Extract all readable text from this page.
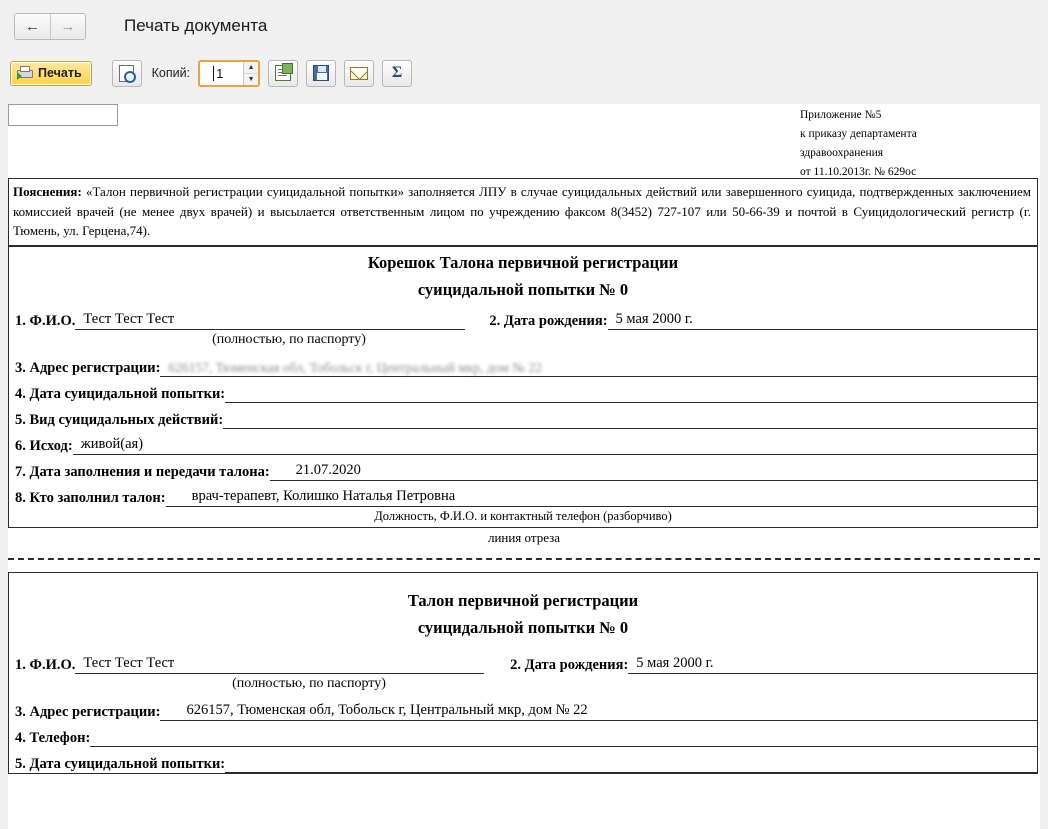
←	→	Печать документа
Печать	Копий:	1	▲
▼	Σ
Приложение №5
к приказу департамента
здравоохранения
от 11.10.2013г. № 629ос
Пояснения: «Талон первичной регистрации суицидальной попытки» заполняется ЛПУ в случае суицидальных действий или завершенного суицида, подтвержденных заключением комиссией врачей (не менее двух врачей) и высылается ответственным лицом по учреждению факсом 8(3452) 727-107 или 50-66-39 и почтой в Суицидологический регистр (г. Тюмень, ул. Герцена,74).
Корешок Талона первичной регистрации
суицидальной попытки № 0
1. Ф.И.О. Тест Тест Тест	2. Дата рождения: 5 мая 2000 г.
(полностью, по паспорту)
3. Адрес регистрации: 626157, Тюменская обл, Тобольск г, Центральный мкр, дом № 22
4. Дата суицидальной попытки:
5. Вид суицидальных действий:
6. Исход: живой(ая)
7. Дата заполнения и передачи талона:	21.07.2020
8. Кто заполнил талон:	врач-терапевт, Колишко Наталья Петровна
Должность, Ф.И.О. и контактный телефон (разборчиво)
линия отреза
Талон первичной регистрации
суицидальной попытки № 0
1. Ф.И.О. Тест Тест Тест	2. Дата рождения: 5 мая 2000 г.
(полностью, по паспорту)
3. Адрес регистрации:	626157, Тюменская обл, Тобольск г, Центральный мкр, дом № 22
4. Телефон:
5. Дата суицидальной попытки:
